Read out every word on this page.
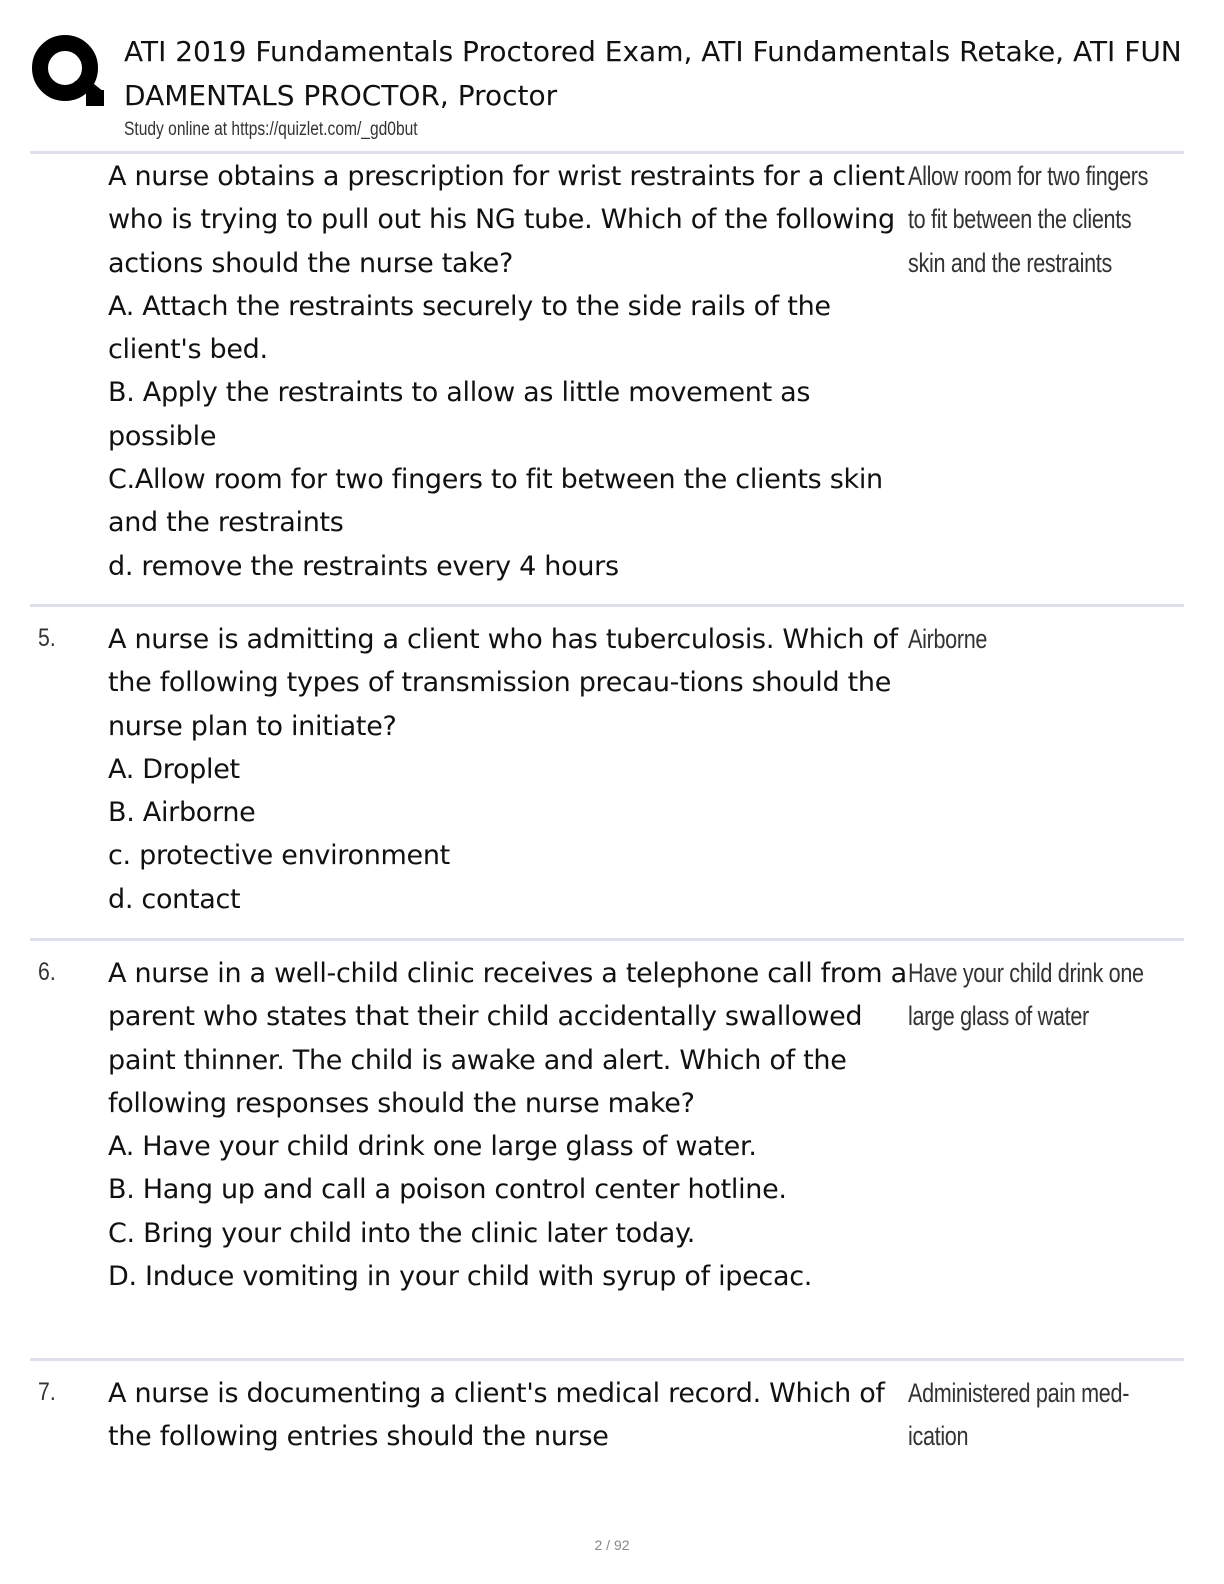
ATI 2019 Fundamentals Proctored Exam, ATI Fundamentals Retake, ATI FUN
DAMENTALS PROCTOR, Proctor
Study online at https://quizlet.com/_gd0but
A nurse obtains a prescription for wrist restraints for a client who is trying to pull out his NG tube. Which of the following actions should the nurse take?
A. Attach the restraints securely to the side rails of the client's bed.
B. Apply the restraints to allow as little movement as possible
C.Allow room for two fingers to fit between the clients skin and the restraints
d. remove the restraints every 4 hours
Allow room for two fingers to fit between the clients skin and the restraints
5. A nurse is admitting a client who has tuberculosis. Which of the following types of transmission precau-tions should the nurse plan to initiate?
A. Droplet
B. Airborne
c. protective environment
d. contact
Airborne
6. A nurse in a well-child clinic receives a telephone call from a parent who states that their child accidentally swallowed paint thinner. The child is awake and alert. Which of the following responses should the nurse make?
A. Have your child drink one large glass of water.
B. Hang up and call a poison control center hotline.
C. Bring your child into the clinic later today.
D. Induce vomiting in your child with syrup of ipecac.
Have your child drink one large glass of water
7. A nurse is documenting a client's medical record. Which of the following entries should the nurse
Administered pain med-ication
2 / 92
